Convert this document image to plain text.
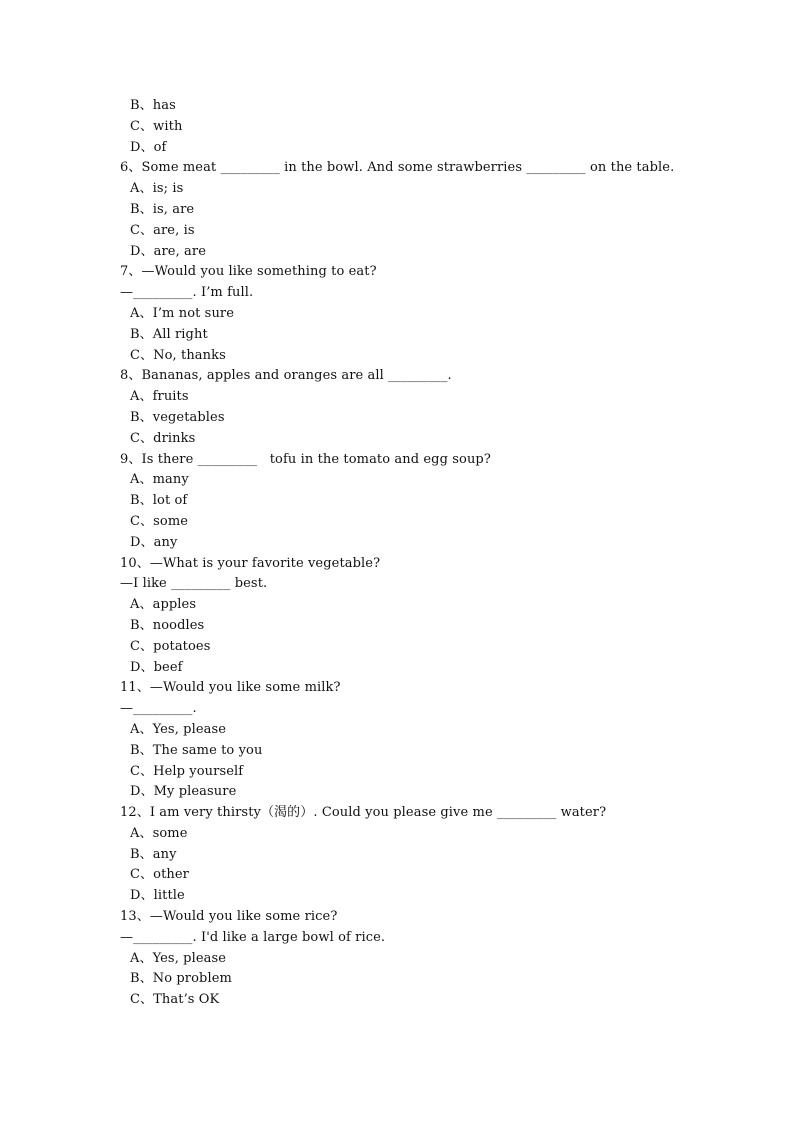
B、has
C、with
D、of
6、Some meat _________ in the bowl. And some strawberries _________ on the table.
A、is; is
B、is, are
C、are, is
D、are, are
7、—Would you like something to eat?
—_________. I’m full.
A、I’m not sure
B、All right
C、No, thanks
8、Bananas, apples and oranges are all _________.
A、fruits
B、vegetables
C、drinks
9、Is there _________   tofu in the tomato and egg soup?
A、many
B、lot of
C、some
D、any
10、—What is your favorite vegetable?
—I like _________ best.
A、apples
B、noodles
C、potatoes
D、beef
11、—Would you like some milk?
—_________.
A、Yes, please
B、The same to you
C、Help yourself
D、My pleasure
12、I am very thirsty（渴的）. Could you please give me _________ water?
A、some
B、any
C、other
D、little
13、—Would you like some rice?
—_________. I'd like a large bowl of rice.
A、Yes, please
B、No problem
C、That’s OK
